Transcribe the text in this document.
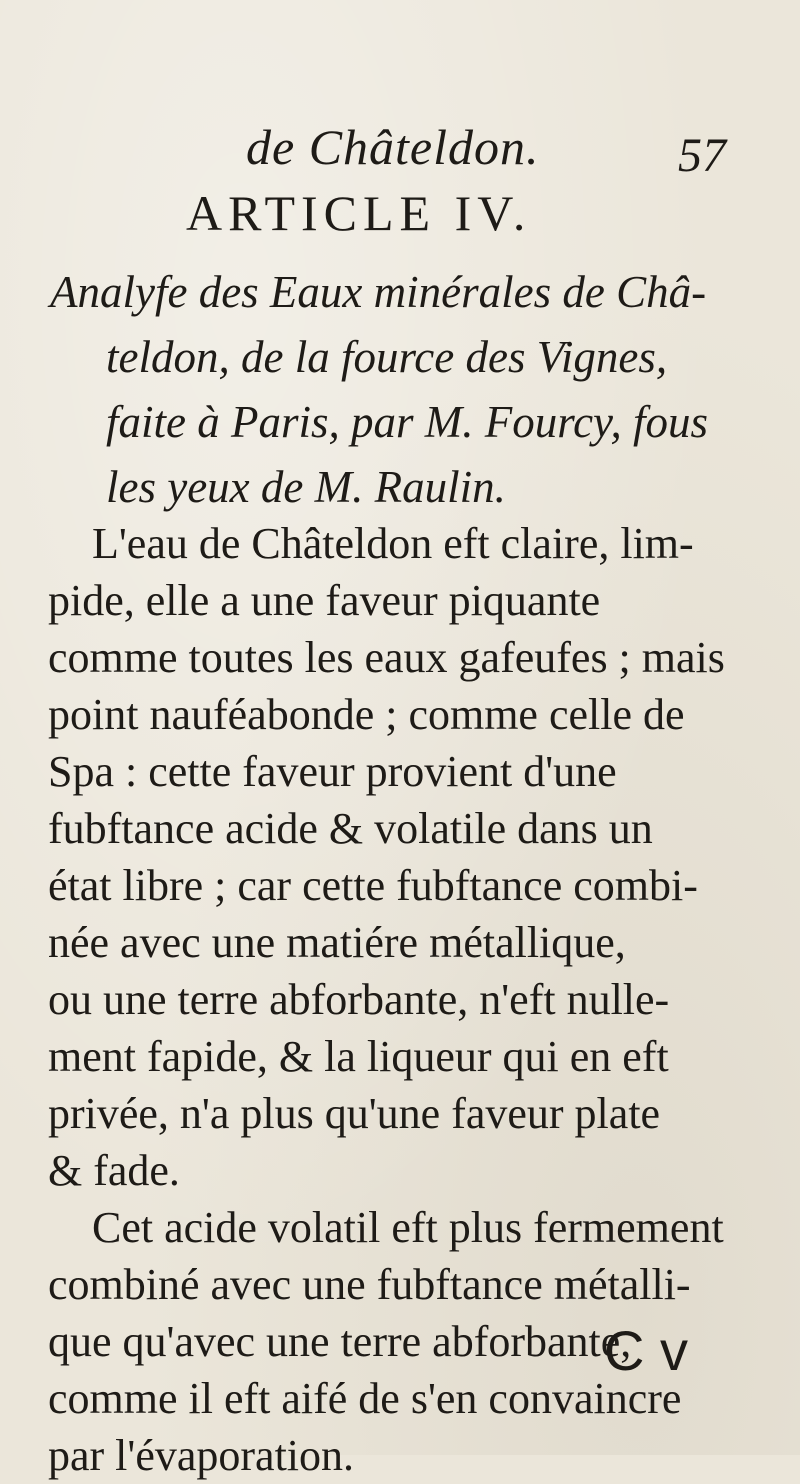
de Châteldon.	57
ARTICLE IV.
Analyfe des Eaux minérales de Châ-
teldon, de la fource des Vignes,
faite à Paris, par M. Fourcy, fous
les yeux de M. Raulin.
L'eau de Châteldon eft claire, lim-
pide, elle a une faveur piquante
comme toutes les eaux gafeufes ; mais
point nauféabonde ; comme celle de
Spa : cette faveur provient d'une
fubftance acide & volatile dans un
état libre ; car cette fubftance combi-
née avec une matiére métallique,
ou une terre abforbante, n'eft nulle-
ment fapide, & la liqueur qui en eft
privée, n'a plus qu'une faveur plate
& fade.
Cet acide volatil eft plus fermement
combiné avec une fubftance métalli-
que qu'avec une terre abforbante,
comme il eft aifé de s'en convaincre
par l'évaporation.
C v
